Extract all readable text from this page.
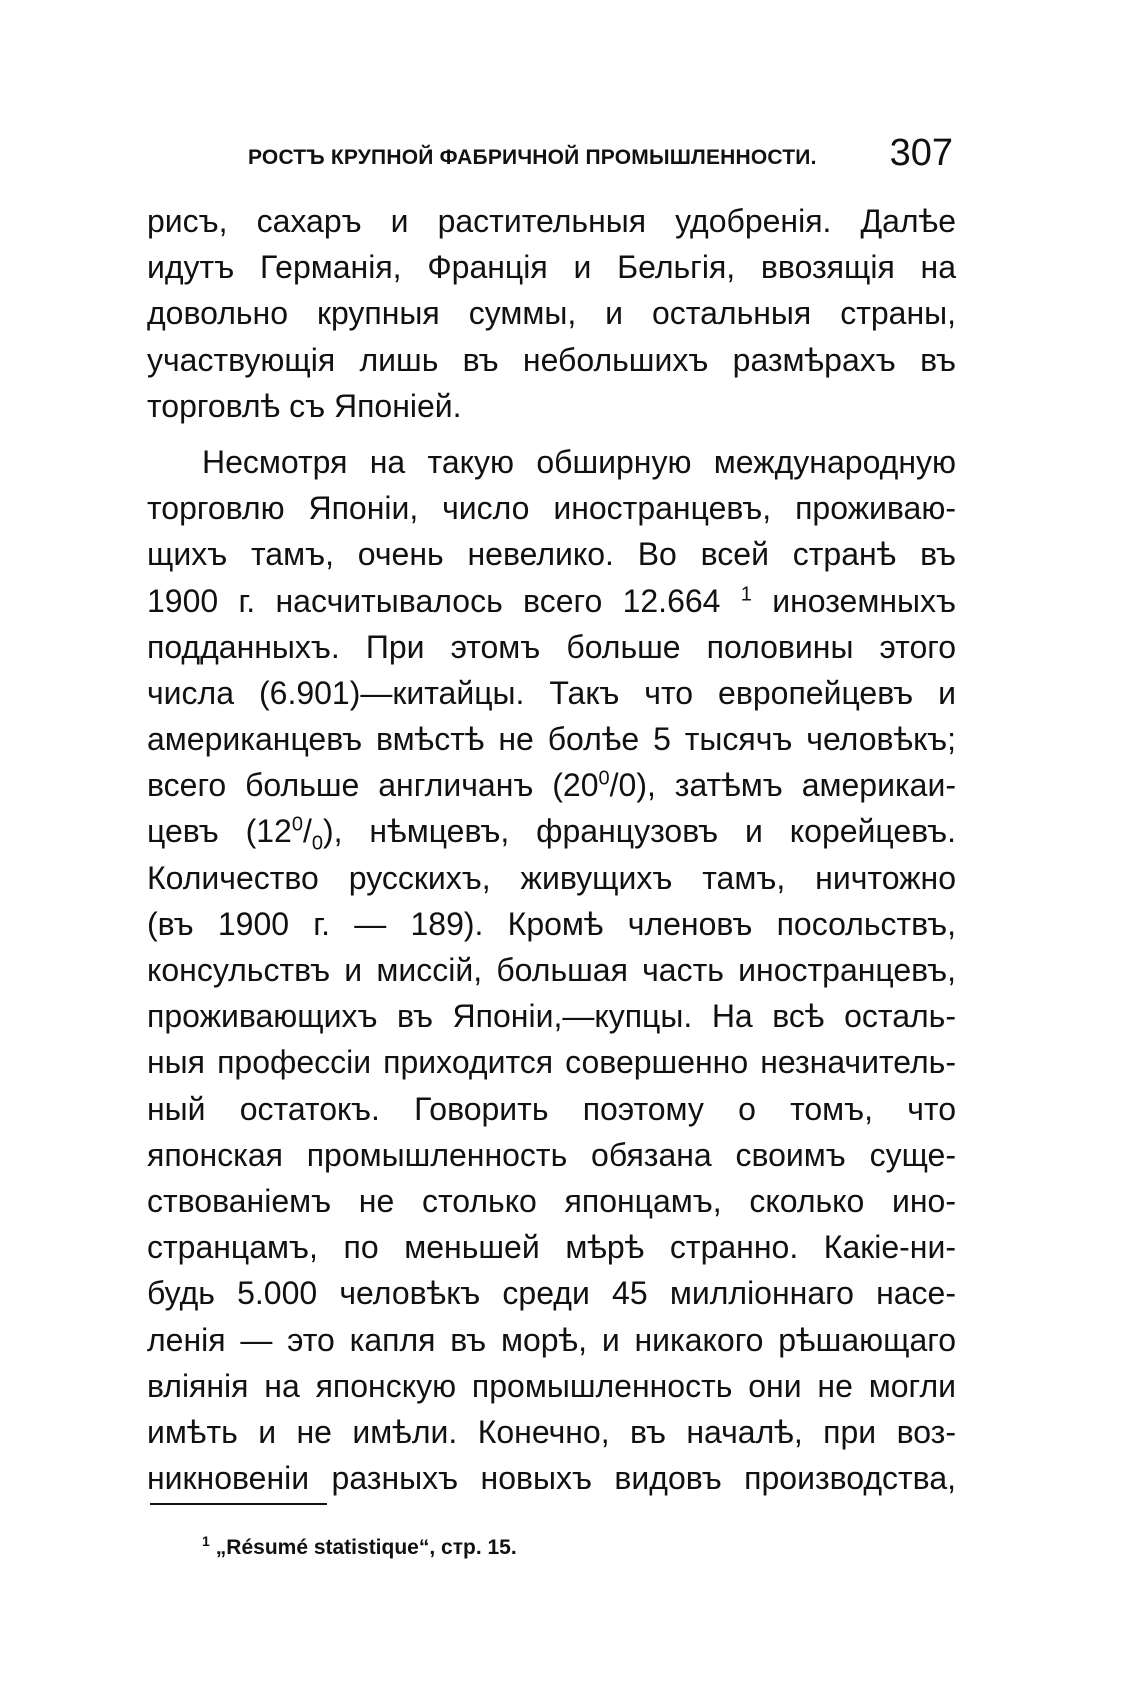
РОСТЪ КРУПНОЙ ФАБРИЧНОЙ ПРОМЫШЛЕННОСТИ. 307
рисъ, сахаръ и растительныя удобренія. Далѣе
идутъ Германія, Франція и Бельгія, ввозящія на
довольно крупныя суммы, и остальныя страны,
участвующія лишь въ небольшихъ размѣрахъ въ
торговлѣ съ Японіей.
Несмотря на такую обширную международную
торговлю Японіи, число иностранцевъ, проживаю-
щихъ тамъ, очень невелико. Во всей странѣ въ
1900 г. насчитывалось всего 12.664 $^1$ иноземныхъ
подданныхъ. При этомъ больше половины этого
числа (6.901)—китайцы. Такъ что европейцевъ и
американцевъ вмѣстѣ не болѣе 5 тысячъ человѣкъ;
всего больше англичанъ $(20^0/0)$, затѣмъ америкаи-
цевъ $(12^0/_0)$, нѣмцевъ, французовъ и корейцевъ.
Количество русскихъ, живущихъ тамъ, ничтожно
(въ 1900 г. — 189). Кромѣ членовъ посольствъ,
консульствъ и миссій, большая часть иностранцевъ,
проживающихъ въ Японіи,—купцы. На всѣ осталь-
ныя профессіи приходится совершенно незначитель-
ный остатокъ. Говорить поэтому о томъ, что
японская промышленность обязана своимъ суще-
ствованіемъ не столько японцамъ, сколько ино-
странцамъ, по меньшей мѣрѣ странно. Какіе-ни-
будь 5.000 человѣкъ среди 45 милліоннаго насе-
ленія — это капля въ морѣ, и никакого рѣшающаго
вліянія на японскую промышленность они не могли
имѣть и не имѣли. Конечно, въ началѣ, при воз-
никновеніи разныхъ новыхъ видовъ производства,
$^1$ „Résumé statistique“, стр. 15.
